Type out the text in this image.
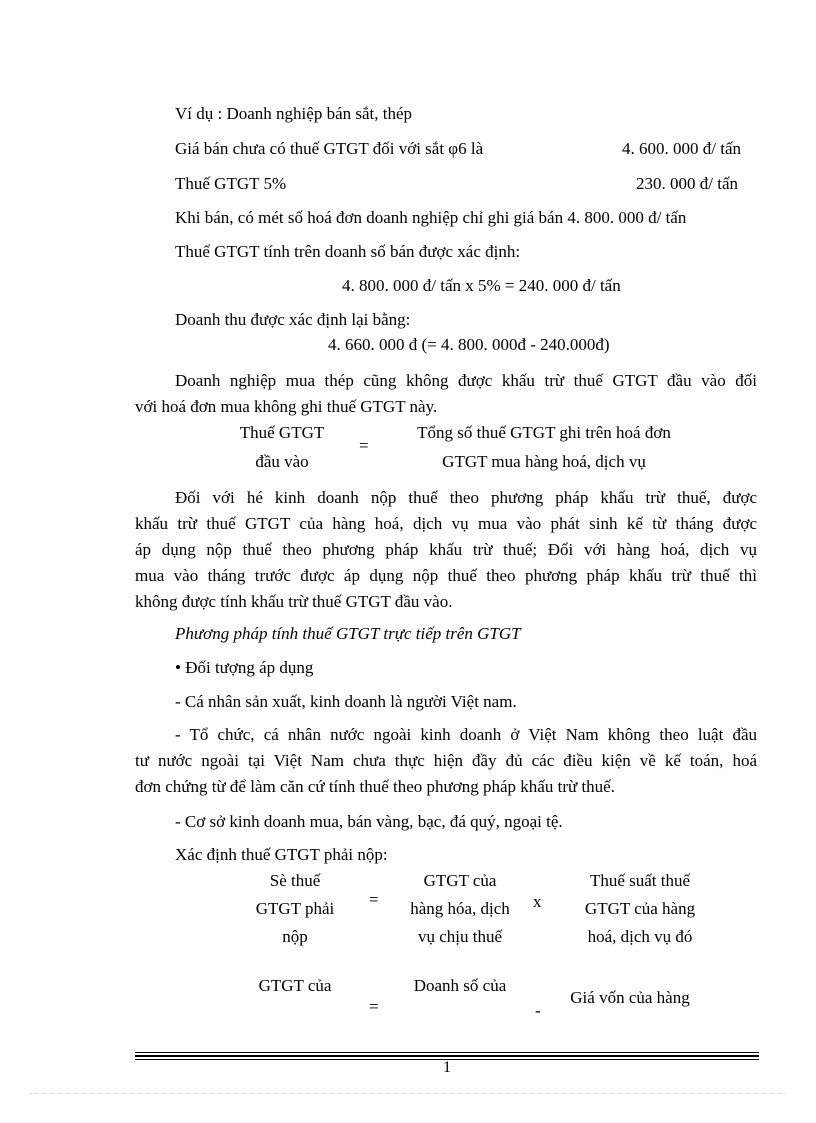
Ví dụ : Doanh nghiệp bán sắt, thép
Giá bán chưa có thuế GTGT đối với sắt φ6 là	4. 600. 000 đ/ tấn
Thuế GTGT 5%	230. 000 đ/ tấn
Khi bán, có mét số hoá đơn doanh nghiệp chỉ ghi giá bán 4. 800. 000 đ/ tấn
Thuế GTGT tính trên doanh số bán được xác định:
4. 800. 000 đ/ tấn x 5% = 240. 000 đ/ tấn
Doanh thu được xác định lại bằng:
4. 660. 000 đ (= 4. 800. 000đ - 240.000đ)
Doanh nghiệp mua thép cũng không được khấu trừ thuế GTGT đầu vào đối
với hoá đơn mua không ghi thuế GTGT này.
Thuế GTGT
đầu vào
=
Tổng số thuế GTGT ghi trên hoá đơn
GTGT mua hàng hoá, dịch vụ
Đối với hé kinh doanh nộp thuế theo phương pháp khấu trừ thuế, được
khấu trừ thuế GTGT của hàng hoá, dịch vụ mua vào phát sinh kể từ tháng được
áp dụng nộp thuế theo phương pháp khấu trừ thuế; Đối với hàng hoá, dịch vụ
mua vào tháng trước được áp dụng nộp thuế theo phương pháp khấu trừ thuế thì
không được tính khấu trừ thuế GTGT đầu vào.
Phương pháp tính thuế GTGT trực tiếp trên GTGT
• Đối tượng áp dụng
- Cá nhân sản xuất, kinh doanh là người Việt nam.
- Tổ chức, cá nhân nước ngoài kinh doanh ở Việt Nam không theo luật đầu
tư nước ngoài tại Việt Nam chưa thực hiện đầy đủ các điều kiện về kế toán, hoá
đơn chứng từ để làm căn cứ tính thuế theo phương pháp khấu trừ thuế.
- Cơ sở kinh doanh mua, bán vàng, bạc, đá quý, ngoại tệ.
Xác định thuế GTGT phải nộp:
Sè thuế
GTGT phải
nộp
=
GTGT của
hàng hóa, dịch
vụ chịu thuế
x
Thuế suất thuế
GTGT của hàng
hoá, dịch vụ đó
GTGT của
=
Doanh số của
-
Giá vốn của hàng
1
